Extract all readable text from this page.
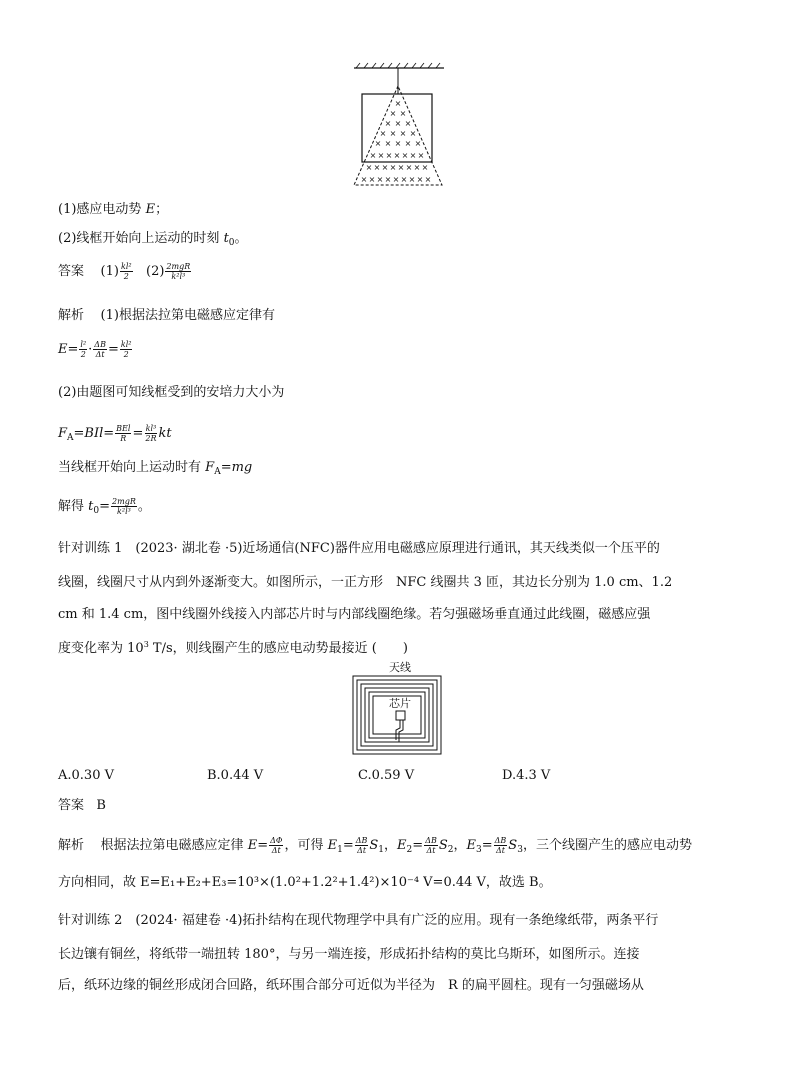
×
× ×
× × ×
× × × ×
× × × × ×
× × × × × × ×
× × × × × × × ×
× × × × × × × × ×
(1)感应电动势 E；
(2)线框开始向上运动的时刻 $t_0$。
答案 $(1) \frac{\text{kl²}}{2} (2) \frac{\text{2mgR}}{\text{k²l³}}$
解析 (1)根据法拉第电磁感应定律有
$E= \frac{\text{l²}}{2} \cdot \frac{\Delta B}{\Delta t} = \frac{\text{kl²}}{2}$
(2)由题图可知线框受到的安培力大小为
$F_A=BIl= \frac{\text{BEl}}{R} = \frac{\text{kl³}}{2R}$ kt
当线框开始向上运动时有 $F_A=mg$
解得 $t_0= \frac{\text{2mgR}}{\text{k²l³}}$ 。
针对训练 1　(2023· 湖北卷 ·5)近场通信(NFC)器件应用电磁感应原理进行通讯，其天线类似一个压平的
线圈，线圈尺寸从内到外逐渐变大。如图所示，一正方形　NFC 线圈共 3 匝，其边长分别为 1.0 cm、1.2
cm 和 1.4 cm，图中线圈外线接入内部芯片时与内部线圈绝缘。若匀强磁场垂直通过此线圈，磁感应强
度变化率为 $10^3$ T/s，则线圈产生的感应电动势最接近 (　　)
天线
芯片
A.0.30 V	B.0.44 V	C.0.59 V	D.4.3 V
答案 B
解析 根据法拉第电磁感应定律 $E= \frac{\Delta\Phi}{\Delta t}$ ，可得 $E_1= \frac{\Delta B}{\Delta t} S_1$，$E_2= \frac{\Delta B}{\Delta t} S_2$，$E_3= \frac{\Delta B}{\Delta t} S_3$，三个线圈产生的感应电动势
方向相同，故 E=E₁+E₂+E₃=10³×(1.0²+1.2²+1.4²)×10⁻⁴ V=0.44 V，故选 B。
针对训练 2　(2024· 福建卷 ·4)拓扑结构在现代物理学中具有广泛的应用。现有一条绝缘纸带，两条平行
长边镶有铜丝，将纸带一端扭转 180°，与另一端连接，形成拓扑结构的莫比乌斯环，如图所示。连接
后，纸环边缘的铜丝形成闭合回路，纸环围合部分可近似为半径为　R 的扁平圆柱。现有一匀强磁场从
